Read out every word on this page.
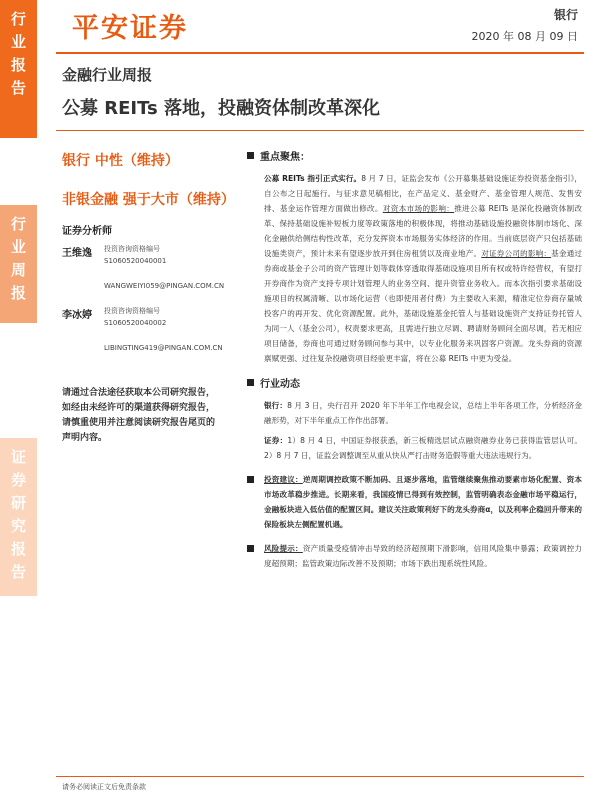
行业报告
行业周报
证券研究报告
平安证券	银行
2020 年 08 月 09 日
金融行业周报
公募 REITs 落地，投融资体制改革深化
银行 中性（维持）
非银金融 强于大市（维持）
证券分析师
王维逸	投资咨询资格编号
S1060520040001
WANGWEIYI059@PINGAN.COM.CN
李冰婷	投资咨询资格编号
S1060520040002
LIBINGTING419@PINGAN.COM.CN
请通过合法途径获取本公司研究报告，如经由未经许可的渠道获得研究报告，请慎重使用并注意阅读研究报告尾页的声明内容。
重点聚焦：
公募 REITs 指引正式实行。8 月 7 日，证监会发布《公开募集基础设施证券投资基金指引》，自公布之日起施行。与征求意见稿相比，在产品定义、基金财产、基金管理人规范、发售安排、基金运作管理方面做出修改。对资本市场的影响：推进公募 REITs 是深化投融资体制改革、保持基础设施补短板力度等政策落地的积极体现，将推动基础设施投融资体制市场化、深化金融供给侧结构性改革，充分发挥资本市场服务实体经济的作用。当前底层资产只包括基础设施类资产，预计未来有望逐步放开到住房租赁以及商业地产。对证券公司的影响：基金通过券商或基金子公司的资产管理计划等载体穿透取得基础设施项目所有权或特许经营权，有望打开券商作为资产支持专项计划管理人的业务空间、提升资管业务收入。而本次指引要求基础设施项目的权属清晰、以市场化运营（也即使用者付费）为主要收入来源，精准定位券商存量城投客户的再开发、优化资源配置。此外，基础设施基金托管人与基础设施资产支持证券托管人为同一人（基金公司），权责要求更高，且需进行独立尽调、聘请财务顾问全面尽调，若无相应项目储备，券商也可通过财务顾问参与其中，以专业化服务来巩固客户资源。龙头券商的资源禀赋更强、过往复杂投融资项目经验更丰富，将在公募 REITs 中更为受益。
行业动态
银行：8 月 3 日，央行召开 2020 年下半年工作电视会议，总结上半年各项工作，分析经济金融形势，对下半年重点工作作出部署。
证券：1）8 月 4 日，中国证券报获悉，新三板精选层试点融资融券业务已获得监管层认可。2）8 月 7 日，证监会调整调至从重从快从严打击财务造假等重大违法违规行为。
投资建议：逆周期调控政策不断加码、且逐步落地，监管继续聚焦推动要素市场化配置、资本市场改革稳步推进。长期来看，我国疫情已得到有效控制，监管明确表态金融市场平稳运行，金融板块进入低估值的配置区间。建议关注政策利好下的龙头券商α，以及利率企稳回升带来的保险板块左侧配置机遇。
风险提示：资产质量受疫情冲击导致的经济超预期下滑影响，信用风险集中暴露；政策调控力度超预期；监管政策边际改善不及预期；市场下跌出现系统性风险。
请务必阅读正文后免责条款
